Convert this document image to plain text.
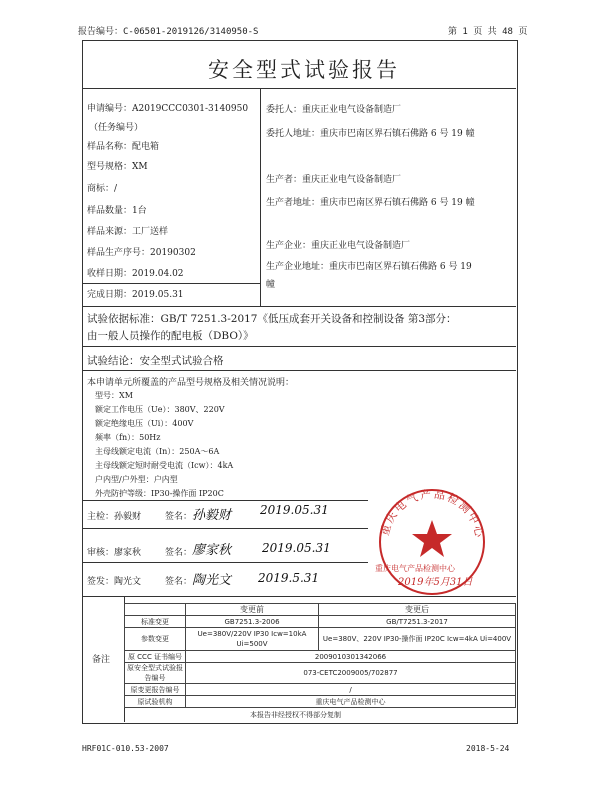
报告编号：C-06501-2019126/3140950-S	第 1 页 共 48 页
安全型式试验报告
申请编号：A2019CCC0301-3140950
（任务编号）
样品名称：配电箱
型号规格：XM
商标：/
样品数量：1台
样品来源：工厂送样
样品生产序号：20190302
收样日期：2019.04.02
完成日期：2019.05.31
委托人：重庆正业电气设备制造厂
委托人地址：重庆市巴南区界石镇石佛路 6 号 19 幢
生产者：重庆正业电气设备制造厂
生产者地址：重庆市巴南区界石镇石佛路 6 号 19 幢
生产企业：重庆正业电气设备制造厂
生产企业地址：重庆市巴南区界石镇石佛路 6 号 19
幢
试验依据标准：GB/T 7251.3-2017《低压成套开关设备和控制设备 第3部分：
由一般人员操作的配电板（DBO）》
试验结论：安全型式试验合格
本申请单元所覆盖的产品型号规格及相关情况说明：
型号：XM
额定工作电压（Ue）：380V、220V
额定绝缘电压（Ui）：400V
频率（fn）：50Hz
主母线额定电流（In）：250A～6A
主母线额定短时耐受电流（Icw）：4kA
户内型/户外型：户内型
外壳防护等级：IP30-操作面 IP20C
主检：孙毅财	签名： 孙毅财 2019.05.31
审核：廖家秋	签名： 廖家秋	2019.05.31
签发：陶光文	签名： 陶光文 2019.5.31
重庆电气产品检测中心
重庆电气产品检测中心
2019年5月31日
备注
	变更前	变更后
标准变更	GB7251.3-2006	GB/T7251.3-2017
参数变更	Ue=380V/220V IP30 Icw=10kA Ui=500V	Ue=380V、220V IP30-操作面 IP20C Icw=4kA Ui=400V
原 CCC 证书编号	2009010301342066	
原安全型式试验报告编号	073-CETC2009005/702877	
原变更报告编号	/	
原试验机构	重庆电气产品检测中心	
本报告非经授权不得部分复制
HRF01C-010.53-2007	2018-5-24
